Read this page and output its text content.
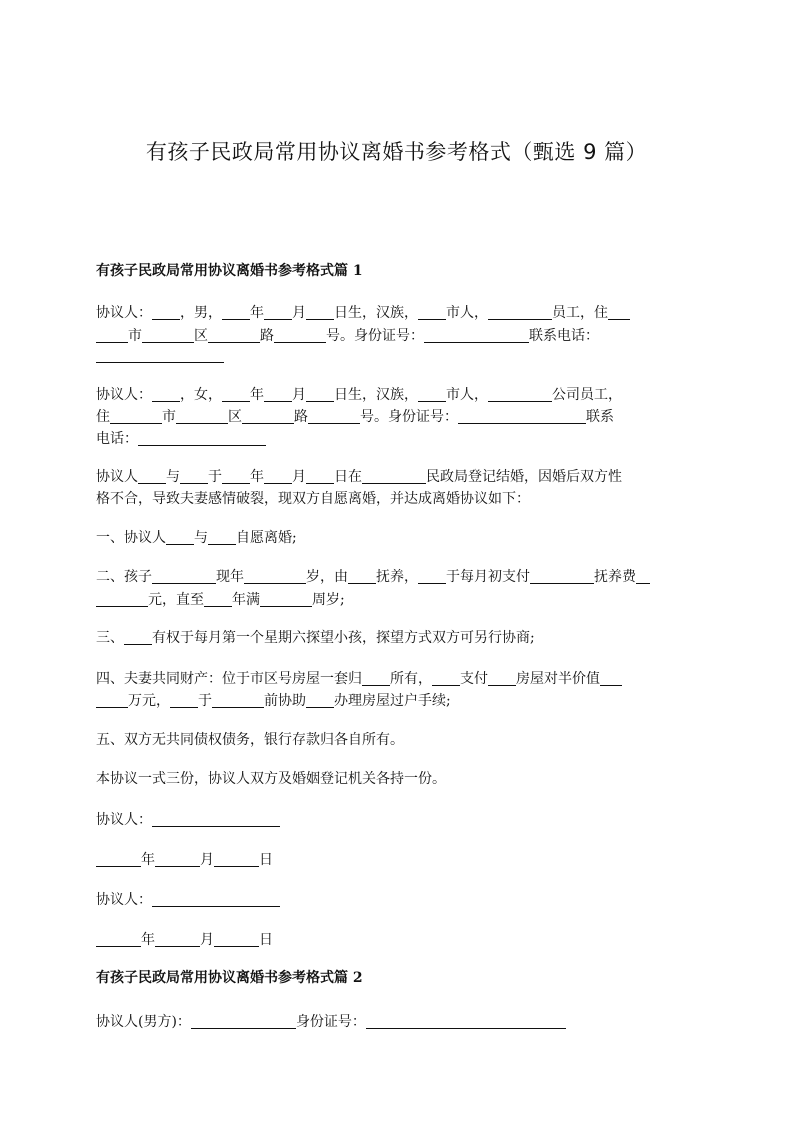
有孩子民政局常用协议离婚书参考格式（甄选 9 篇）
有孩子民政局常用协议离婚书参考格式篇 1
协议人： ，男， 年 月 日生，汉族， 市人，	员工，住
市	区	路	号。身份证号：	联系电话：
协议人： ，女， 年 月 日生，汉族， 市人，	公司员工，
住	市	区	路	号。身份证号：	联系
电话：
协议人 与 于 年 月 日在	民政局登记结婚，因婚后双方性
格不合，导致夫妻感情破裂，现双方自愿离婚，并达成离婚协议如下：
一、协议人 与 自愿离婚;
二、孩子	现年	岁，由 抚养， 于每月初支付	抚养费
元，直至 年满	周岁;
三、 有权于每月第一个星期六探望小孩，探望方式双方可另行协商;
四、夫妻共同财产：位于市区号房屋一套归 所有， 支付 房屋对半价值
万元， 于	前协助 办理房屋过户手续;
五、双方无共同债权债务，银行存款归各自所有。
本协议一式三份，协议人双方及婚姻登记机关各持一份。
协议人：
年	月	日
协议人：
年	月	日
有孩子民政局常用协议离婚书参考格式篇 2
协议人(男方)：	身份证号：
